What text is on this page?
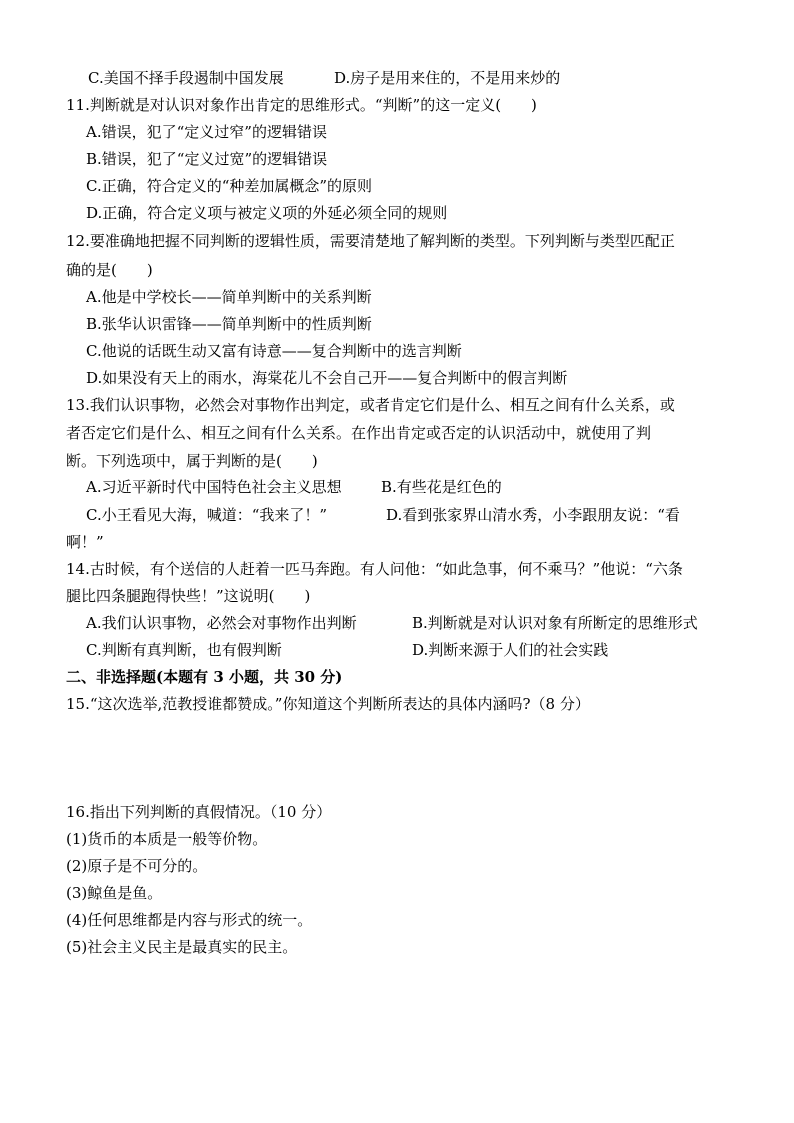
C.美国不择手段遏制中国发展	D.房子是用来住的，不是用来炒的
11.判断就是对认识对象作出肯定的思维形式。“判断”的这一定义(　　)
A.错误，犯了“定义过窄”的逻辑错误
B.错误，犯了“定义过宽”的逻辑错误
C.正确，符合定义的“种差加属概念”的原则
D.正确，符合定义项与被定义项的外延必须全同的规则
12.要准确地把握不同判断的逻辑性质，需要清楚地了解判断的类型。下列判断与类型匹配正
确的是(　　)
A.他是中学校长——简单判断中的关系判断
B.张华认识雷锋——简单判断中的性质判断
C.他说的话既生动又富有诗意——复合判断中的选言判断
D.如果没有天上的雨水，海棠花儿不会自己开——复合判断中的假言判断
13.我们认识事物，必然会对事物作出判定，或者肯定它们是什么、相互之间有什么关系，或
者否定它们是什么、相互之间有什么关系。在作出肯定或否定的认识活动中，就使用了判
断。下列选项中，属于判断的是(　　)
A.习近平新时代中国特色社会主义思想	B.有些花是红色的
C.小王看见大海，喊道：“我来了！”	D.看到张家界山清水秀，小李跟朋友说：“看
啊！”
14.古时候，有个送信的人赶着一匹马奔跑。有人问他：“如此急事，何不乘马？”他说：“六条
腿比四条腿跑得快些！”这说明(　　)
A.我们认识事物，必然会对事物作出判断	B.判断就是对认识对象有所断定的思维形式
C.判断有真判断，也有假判断	D.判断来源于人们的社会实践
二、非选择题(本题有 3 小题，共 30 分)
15.“这次选举,范教授谁都赞成。”你知道这个判断所表达的具体内涵吗?（8 分）
16.指出下列判断的真假情况。（10 分）
(1)货币的本质是一般等价物。
(2)原子是不可分的。
(3)鲸鱼是鱼。
(4)任何思维都是内容与形式的统一。
(5)社会主义民主是最真实的民主。
